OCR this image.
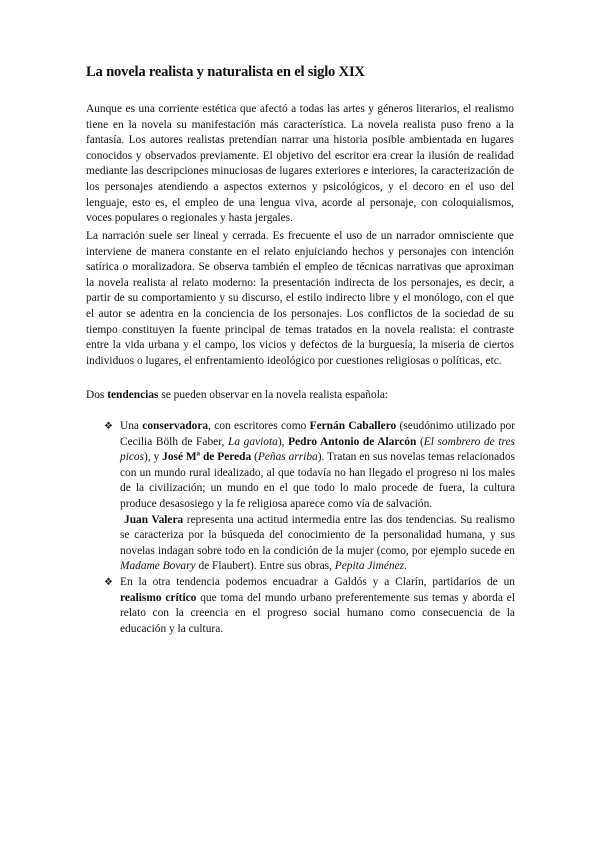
La novela realista y naturalista en el siglo XIX

Aunque es una corriente estética que afectó a todas las artes y géneros literarios, el realismo tiene en la novela su manifestación más característica. La novela realista puso freno a la fantasía. Los autores realistas pretendían narrar una historia posible ambientada en lugares conocidos y observados previamente. El objetivo del escritor era crear la ilusión de realidad mediante las descripciones minuciosas de lugares exteriores e interiores, la caracterización de los personajes atendiendo a aspectos externos y psicológicos, y el decoro en el uso del lenguaje, esto es, el empleo de una lengua viva, acorde al personaje, con coloquialismos, voces populares o regionales y hasta jergales.

La narración suele ser lineal y cerrada. Es frecuente el uso de un narrador omnisciente que interviene de manera constante en el relato enjuiciando hechos y personajes con intención satírica o moralizadora. Se observa también el empleo de técnicas narrativas que aproximan la novela realista al relato moderno: la presentación indirecta de los personajes, es decir, a partir de su comportamiento y su discurso, el estilo indirecto libre y el monólogo, con el que el autor se adentra en la conciencia de los personajes. Los conflictos de la sociedad de su tiempo constituyen la fuente principal de temas tratados en la novela realista: el contraste entre la vida urbana y el campo, los vicios y defectos de la burguesía, la miseria de ciertos individuos o lugares, el enfrentamiento ideológico por cuestiones religiosas o políticas, etc.

Dos tendencias se pueden observar en la novela realista española:

❖ Una conservadora, con escritores como Fernán Caballero (seudónimo utilizado por Cecilia Bölh de Faber, La gaviota), Pedro Antonio de Alarcón (El sombrero de tres picos), y José Mª de Pereda (Peñas arriba). Tratan en sus novelas temas relacionados con un mundo rural idealizado, al que todavía no han llegado el progreso ni los males de la civilización; un mundo en el que todo lo malo procede de fuera, la cultura produce desasosiego y la fe religiosa aparece como vía de salvación.
Juan Valera representa una actitud intermedia entre las dos tendencias. Su realismo se caracteriza por la búsqueda del conocimiento de la personalidad humana, y sus novelas indagan sobre todo en la condición de la mujer (como, por ejemplo sucede en Madame Bovary de Flaubert). Entre sus obras, Pepita Jiménez.
❖ En la otra tendencia podemos encuadrar a Galdós y a Clarín, partidarios de un realismo crítico que toma del mundo urbano preferentemente sus temas y aborda el relato con la creencia en el progreso social humano como consecuencia de la educación y la cultura.
